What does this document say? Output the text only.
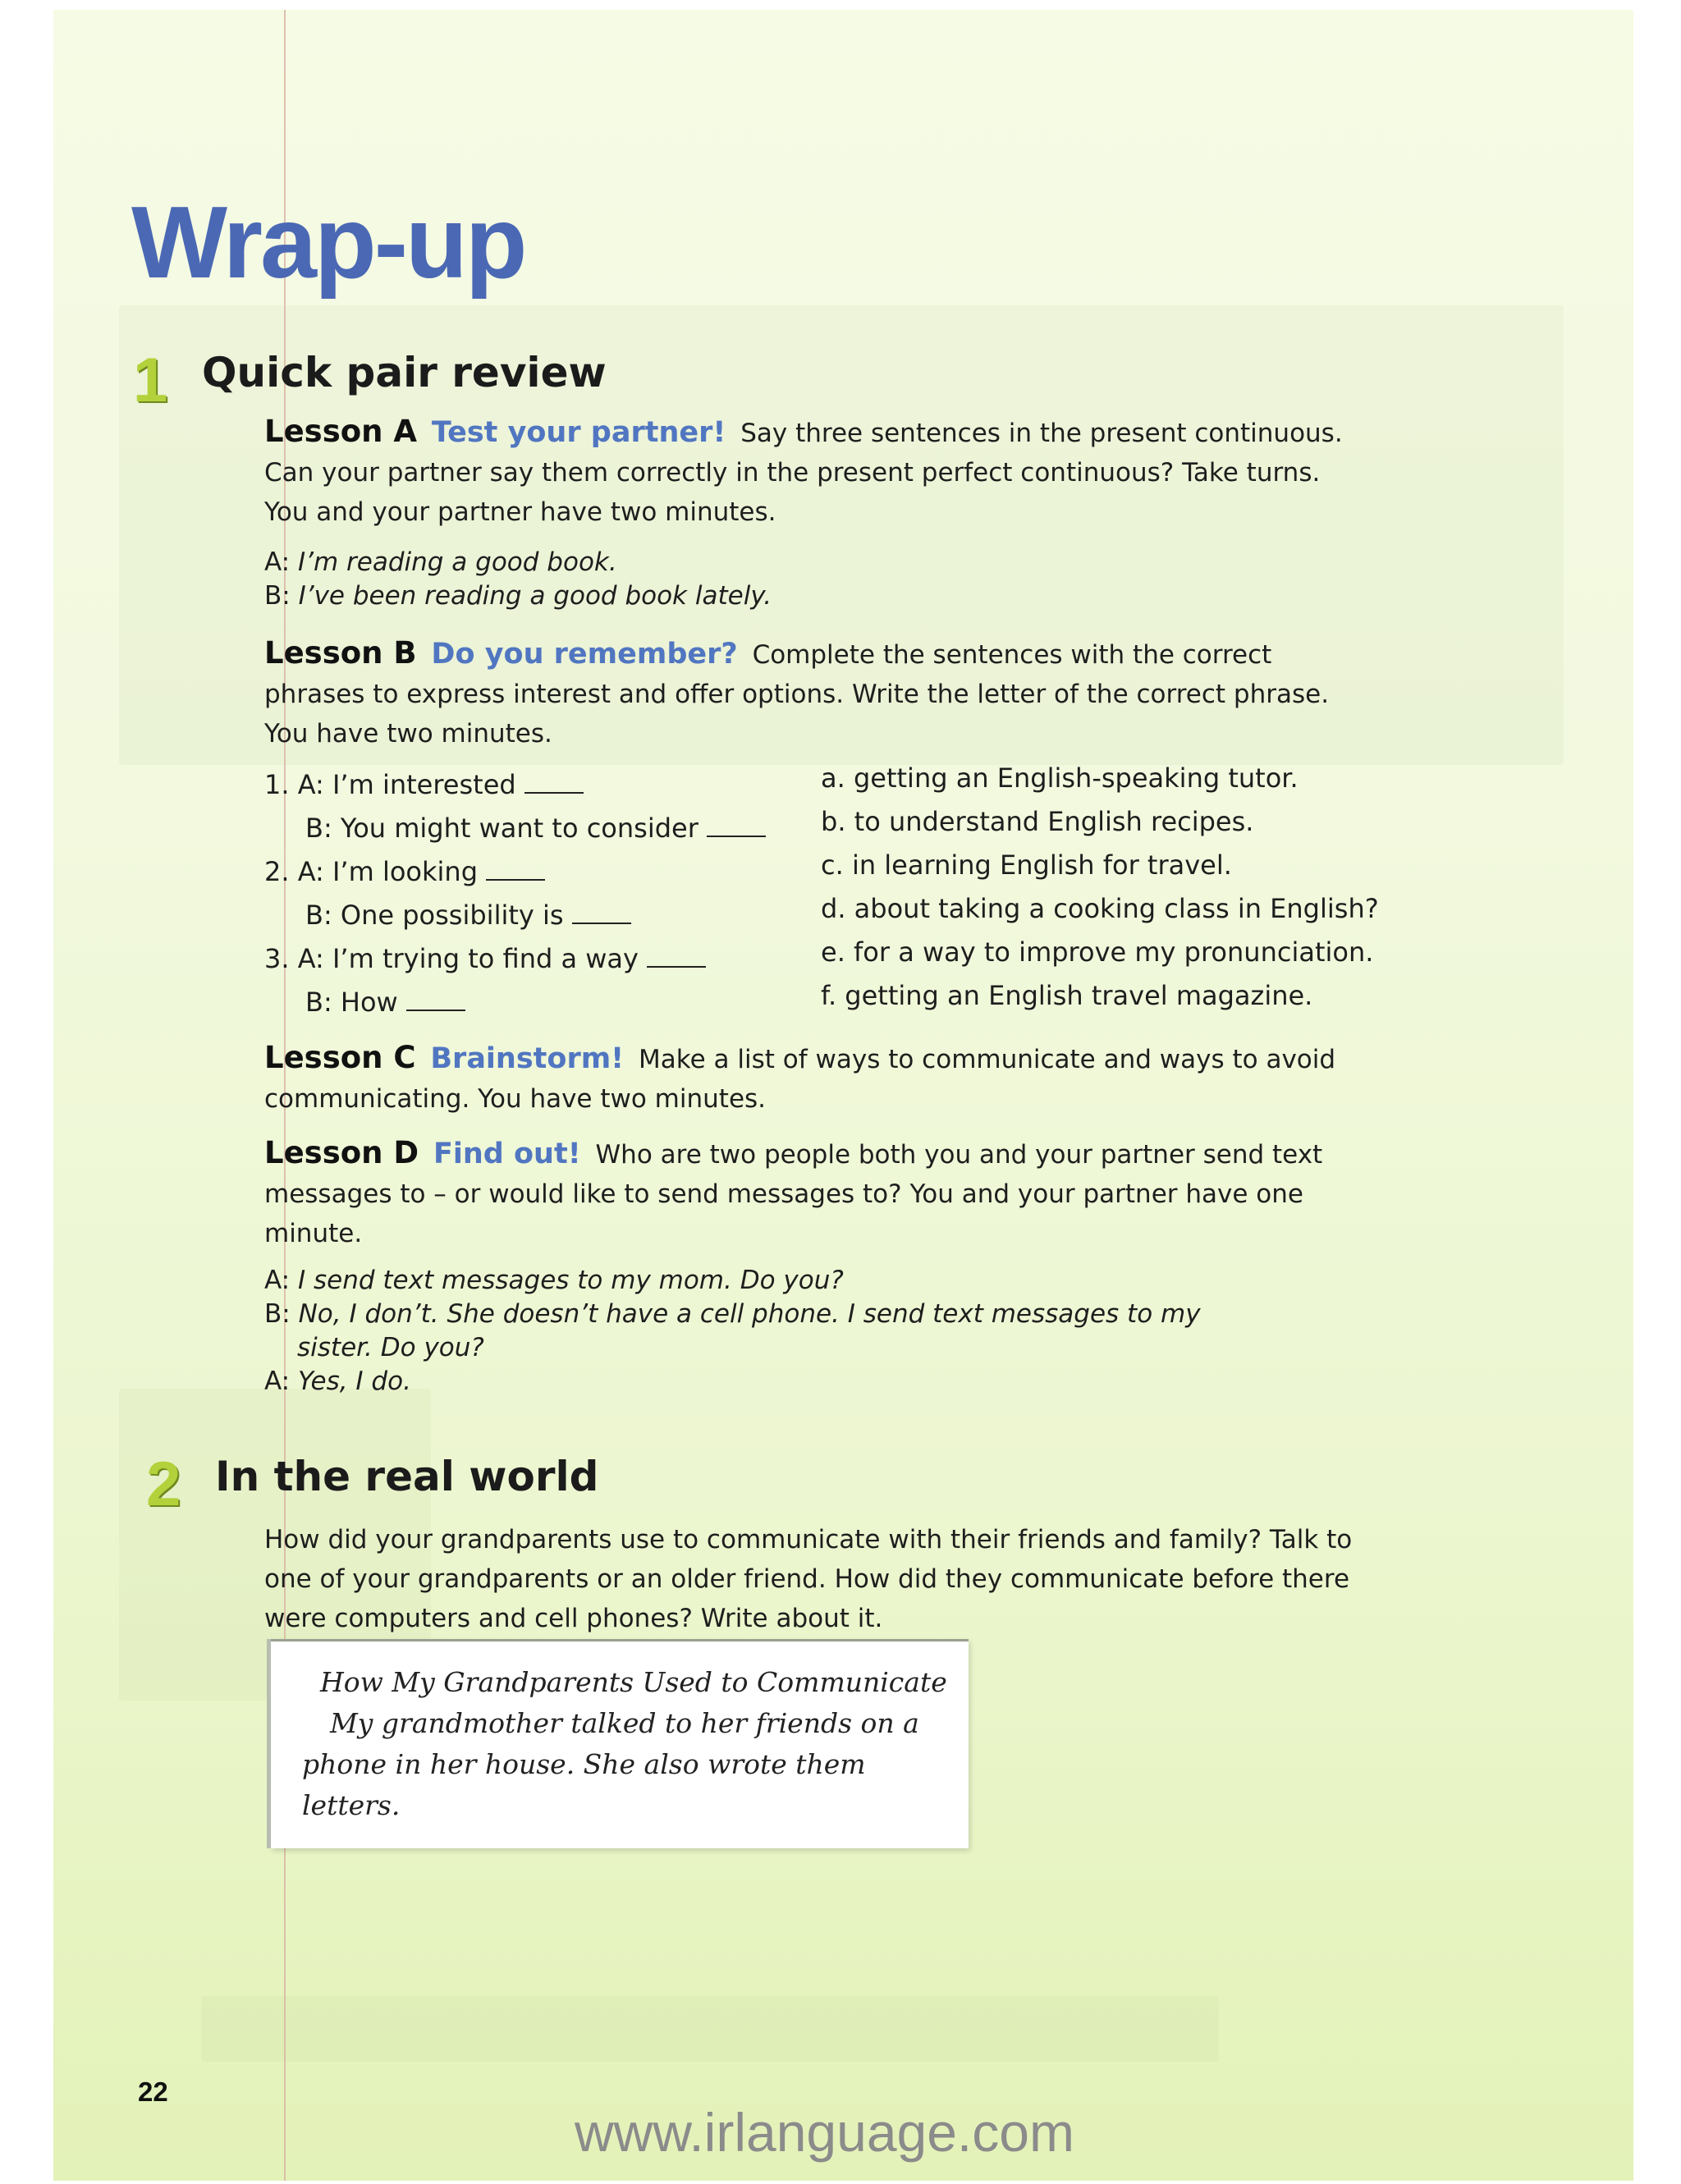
Wrap-up
1 Quick pair review
Lesson A Test your partner! Say three sentences in the present continuous. Can your partner say them correctly in the present perfect continuous? Take turns. You and your partner have two minutes.
A: I’m reading a good book.
B: I’ve been reading a good book lately.
Lesson B Do you remember? Complete the sentences with the correct phrases to express interest and offer options. Write the letter of the correct phrase. You have two minutes.
1. A: I’m interested
B: You might want to consider
2. A: I’m looking
B: One possibility is
3. A: I’m trying to find a way
B: How
a. getting an English-speaking tutor.
b. to understand English recipes.
c. in learning English for travel.
d. about taking a cooking class in English?
e. for a way to improve my pronunciation.
f. getting an English travel magazine.
Lesson C Brainstorm! Make a list of ways to communicate and ways to avoid communicating. You have two minutes.
Lesson D Find out! Who are two people both you and your partner send text messages to – or would like to send messages to? You and your partner have one minute.
A: I send text messages to my mom. Do you?
B: No, I don’t. She doesn’t have a cell phone. I send text messages to my sister. Do you?
A: Yes, I do.
2 In the real world
How did your grandparents use to communicate with their friends and family? Talk to one of your grandparents or an older friend. How did they communicate before there were computers and cell phones? Write about it.
How My Grandparents Used to Communicate
My grandmother talked to her friends on a
phone in her house. She also wrote them
letters.
22
www.irlanguage.com
